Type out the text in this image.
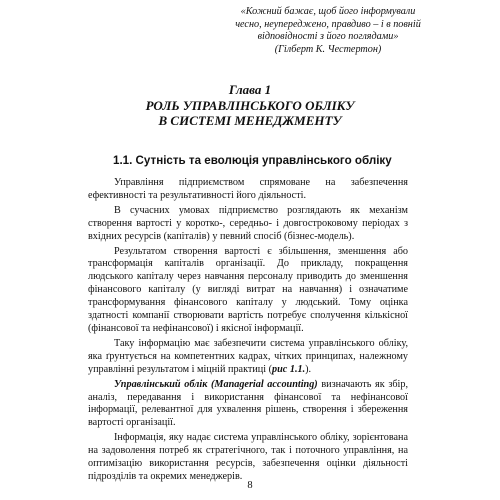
«Кожний бажає, щоб його інформували
чесно, неупереджено, правдиво – і в повній
відповідності з його поглядами»
(Гілберт К. Честертон)
Глава 1
РОЛЬ УПРАВЛІНСЬКОГО ОБЛІКУ
В СИСТЕМІ МЕНЕДЖМЕНТУ
1.1. Сутність та еволюція управлінського обліку

Управління підприємством спрямоване на забезпечення ефективності та результативності його діяльності.

В сучасних умовах підприємство розглядають як механізм створення вартості у коротко-, середньо- і довгостроковому періодах з вхідних ресурсів (капіталів) у певний спосіб (бізнес-модель).

Результатом створення вартості є збільшення, зменшення або трансформація капіталів організації. До прикладу, покращення людського капіталу через навчання персоналу приводить до зменшення фінансового капіталу (у вигляді витрат на навчання) і означатиме трансформування фінансового капіталу у людський. Тому оцінка здатності компанії створювати вартість потребує сполучення кількісної (фінансової та нефінансової) і якісної інформації.

Таку інформацію має забезпечити система управлінського обліку, яка ґрунтується на компетентних кадрах, чітких принципах, належному управлінні результатом і міцній практиці (рис 1.1.).

Управлінський облік (Managerial accounting) визначають як збір, аналіз, передавання і використання фінансової та нефінансової інформації, релевантної для ухвалення рішень, створення і збереження вартості організації.

Інформація, яку надає система управлінського обліку, зорієнтована на задоволення потреб як стратегічного, так і поточного управління, на оптимізацію використання ресурсів, забезпечення оцінки діяльності підрозділів та окремих менеджерів.

8
